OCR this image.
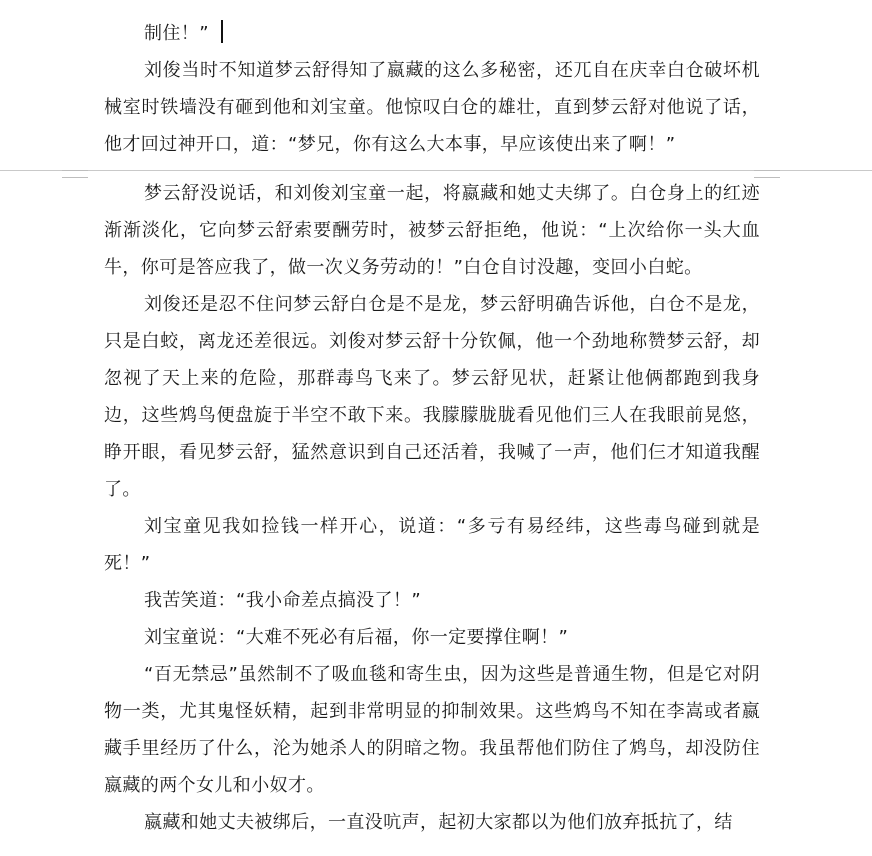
制住！”

刘俊当时不知道梦云舒得知了嬴藏的这么多秘密，还兀自在庆幸白仓破坏机械室时铁墙没有砸到他和刘宝童。他惊叹白仓的雄壮，直到梦云舒对他说了话，他才回过神开口，道：“梦兄，你有这么大本事，早应该使出来了啊！”

梦云舒没说话，和刘俊刘宝童一起，将嬴藏和她丈夫绑了。白仓身上的红迹渐渐淡化，它向梦云舒索要酬劳时，被梦云舒拒绝，他说：“上次给你一头大血牛，你可是答应我了，做一次义务劳动的！”白仓自讨没趣，变回小白蛇。

刘俊还是忍不住问梦云舒白仓是不是龙，梦云舒明确告诉他，白仓不是龙，只是白蛟，离龙还差很远。刘俊对梦云舒十分钦佩，他一个劲地称赞梦云舒，却忽视了天上来的危险，那群毒鸟飞来了。梦云舒见状，赶紧让他俩都跑到我身边，这些鸩鸟便盘旋于半空不敢下来。我朦朦胧胧看见他们三人在我眼前晃悠，睁开眼，看见梦云舒，猛然意识到自己还活着，我喊了一声，他们仨才知道我醒了。

刘宝童见我如捡钱一样开心，说道：“多亏有易经纬，这些毒鸟碰到就是死！”

我苦笑道：“我小命差点搞没了！”

刘宝童说：“大难不死必有后福，你一定要撑住啊！”

“百无禁忌”虽然制不了吸血毯和寄生虫，因为这些是普通生物，但是它对阴物一类，尤其鬼怪妖精，起到非常明显的抑制效果。这些鸩鸟不知在李嵩或者嬴藏手里经历了什么，沦为她杀人的阴暗之物。我虽帮他们防住了鸩鸟，却没防住嬴藏的两个女儿和小奴才。

嬴藏和她丈夫被绑后，一直没吭声，起初大家都以为他们放弃抵抗了，结
